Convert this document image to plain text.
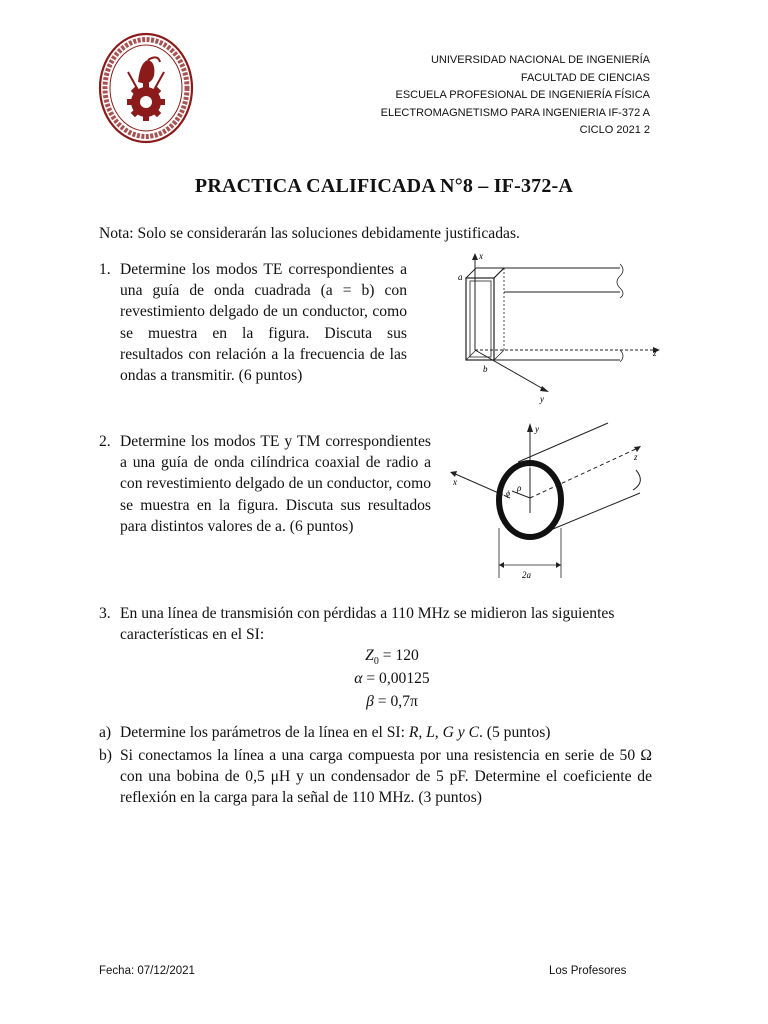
UNIVERSIDAD NACIONAL DE INGENIERÍA
FACULTAD DE CIENCIAS
ESCUELA PROFESIONAL DE INGENIERÍA FÍSICA
ELECTROMAGNETISMO PARA INGENIERIA IF-372 A
CICLO 2021 2
PRACTICA CALIFICADA N°8 – IF-372-A
Nota: Solo se considerarán las soluciones debidamente justificadas.
1. Determine los modos TE correspondientes a una guía de onda cuadrada (a = b) con revestimiento delgado de un conductor, como se muestra en la figura. Discuta sus resultados con relación a la frecuencia de las ondas a transmitir. (6 puntos)
x
z
y
a
b
2. Determine los modos TE y TM correspondientes a una guía de onda cilíndrica coaxial de radio a con revestimiento delgado de un conductor, como se muestra en la figura. Discuta sus resultados para distintos valores de a. (6 puntos)
y
x
z
ρ
ϕ
2a
3. En una línea de transmisión con pérdidas a 110 MHz se midieron las siguientes
características en el SI:
$Z_0 = 120$
α = 0,00125
β = 0,7π
a) Determine los parámetros de la línea en el SI: R, L, G y C. (5 puntos)
b) Si conectamos la línea a una carga compuesta por una resistencia en serie de 50 Ω con una bobina de 0,5 μH y un condensador de 5 pF. Determine el coeficiente de reflexión en la carga para la señal de 110 MHz. (3 puntos)
Fecha: 07/12/2021	Los Profesores
